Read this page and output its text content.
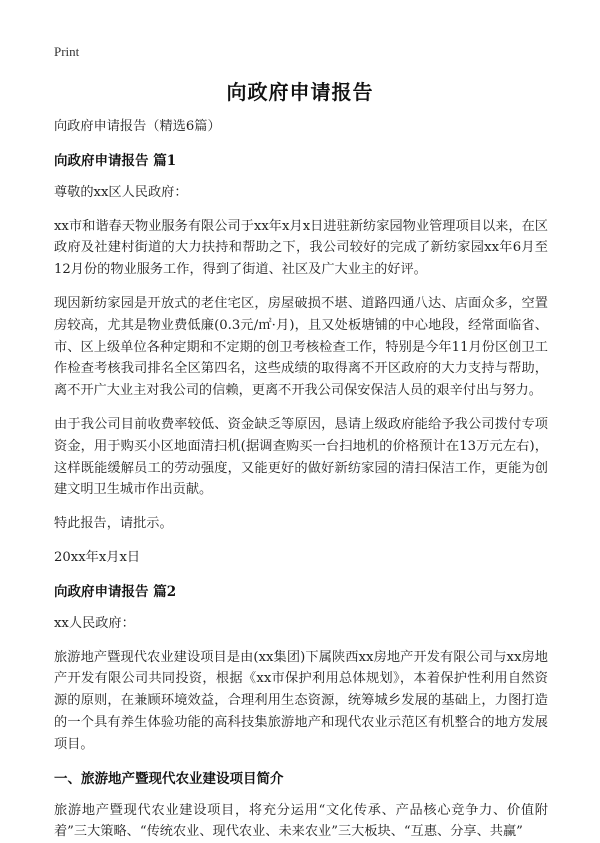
Print
向政府申请报告

向政府申请报告（精选6篇）

向政府申请报告 篇1

尊敬的xx区人民政府：

xx市和谐春天物业服务有限公司于xx年x月x日进驻新纺家园物业管理项目以来，在区政府及社建村街道的大力扶持和帮助之下，我公司较好的完成了新纺家园xx年6月至12月份的物业服务工作，得到了街道、社区及广大业主的好评。

现因新纺家园是开放式的老住宅区，房屋破损不堪、道路四通八达、店面众多，空置房较高，尤其是物业费低廉(0.3元/㎡·月)，且又处板塘铺的中心地段，经常面临省、市、区上级单位各种定期和不定期的创卫考核检查工作，特别是今年11月份区创卫工作检查考核我司排名全区第四名，这些成绩的取得离不开区政府的大力支持与帮助，离不开广大业主对我公司的信赖，更离不开我公司保安保洁人员的艰辛付出与努力。

由于我公司目前收费率较低、资金缺乏等原因，恳请上级政府能给予我公司拨付专项资金，用于购买小区地面清扫机(据调查购买一台扫地机的价格预计在13万元左右)，这样既能缓解员工的劳动强度，又能更好的做好新纺家园的清扫保洁工作，更能为创建文明卫生城市作出贡献。

特此报告，请批示。

20xx年x月x日

向政府申请报告 篇2

xx人民政府：

旅游地产暨现代农业建设项目是由(xx集团)下属陕西xx房地产开发有限公司与xx房地产开发有限公司共同投资，根据《xx市保护利用总体规划》，本着保护性利用自然资源的原则，在兼顾环境效益，合理利用生态资源，统筹城乡发展的基础上，力图打造的一个具有养生体验功能的高科技集旅游地产和现代农业示范区有机整合的地方发展项目。

一、旅游地产暨现代农业建设项目简介

旅游地产暨现代农业建设项目，将充分运用“文化传承、产品核心竞争力、价值附着”三大策略、“传统农业、现代农业、未来农业”三大板块、“互惠、分享、共赢”
